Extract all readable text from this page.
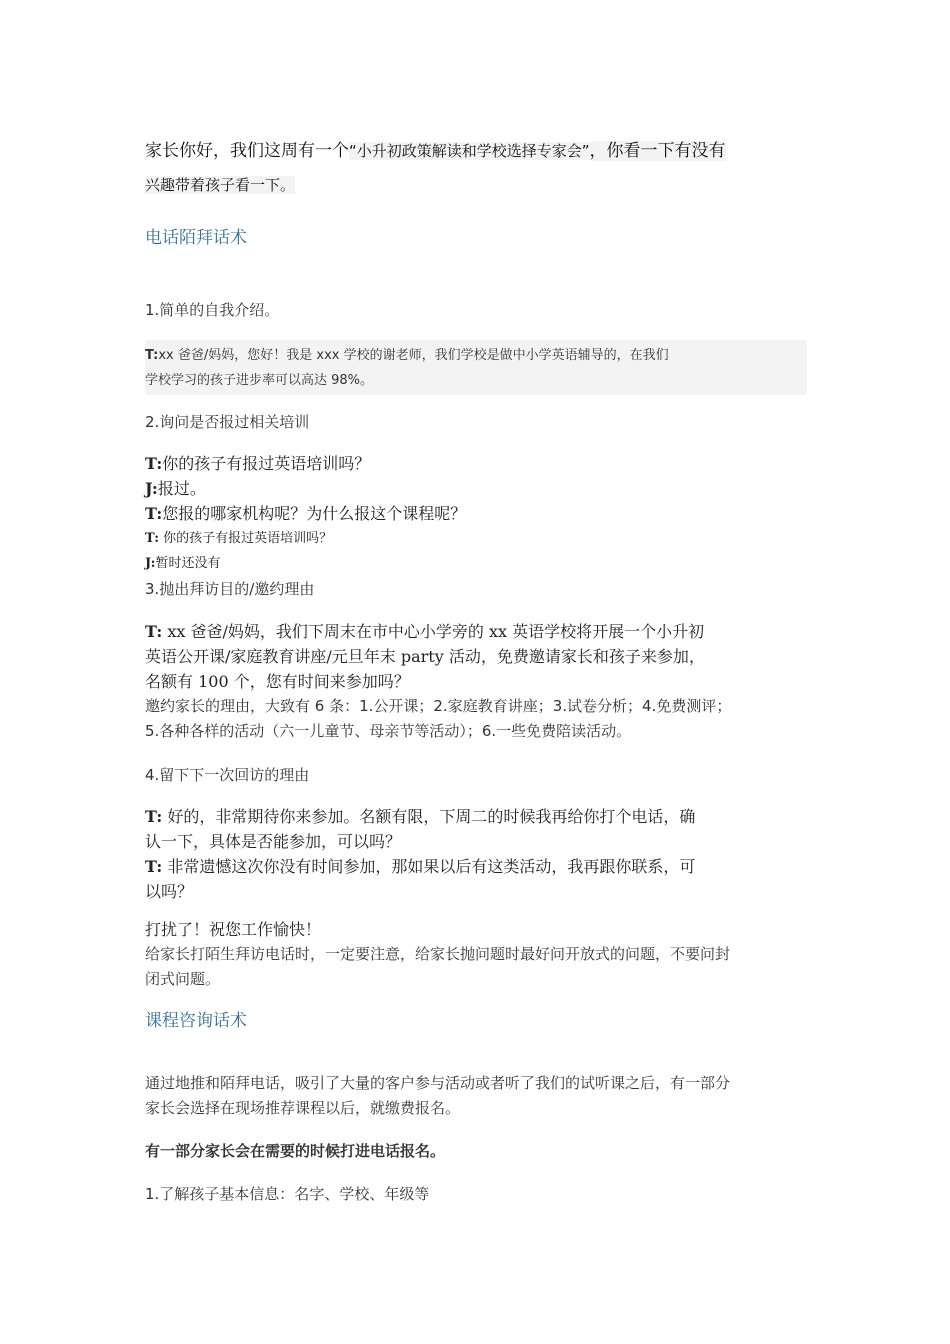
家长你好，我们这周有一个“小升初政策解读和学校选择专家会”，你看一下有没有
兴趣带着孩子看一下。

电话陌拜话术
1.简单的自我介绍。
T:xx 爸爸/妈妈，您好！我是 xxx 学校的谢老师，我们学校是做中小学英语辅导的，在我们
学校学习的孩子进步率可以高达 98%。
2.询问是否报过相关培训
T:你的孩子有报过英语培训吗？
J:报过。
T:您报的哪家机构呢？为什么报这个课程呢？
T: 你的孩子有报过英语培训吗？
J:暂时还没有
3.抛出拜访目的/邀约理由
T: xx 爸爸/妈妈，我们下周末在市中心小学旁的 xx 英语学校将开展一个小升初
英语公开课/家庭教育讲座/元旦年末 party 活动，免费邀请家长和孩子来参加，
名额有 100 个，您有时间来参加吗？
邀约家长的理由，大致有 6 条：1.公开课；2.家庭教育讲座；3.试卷分析；4.免费测评；
5.各种各样的活动（六一儿童节、母亲节等活动）；6.一些免费陪读活动。
4.留下下一次回访的理由
T: 好的，非常期待你来参加。名额有限，下周二的时候我再给你打个电话，确
认一下，具体是否能参加，可以吗？
T: 非常遗憾这次你没有时间参加，那如果以后有这类活动，我再跟你联系，可
以吗？
打扰了！祝您工作愉快！
给家长打陌生拜访电话时，一定要注意，给家长抛问题时最好问开放式的问题，不要问封
闭式问题。
课程咨询话术
通过地推和陌拜电话，吸引了大量的客户参与活动或者听了我们的试听课之后，有一部分
家长会选择在现场推荐课程以后，就缴费报名。
有一部分家长会在需要的时候打进电话报名。
1.了解孩子基本信息：名字、学校、年级等
